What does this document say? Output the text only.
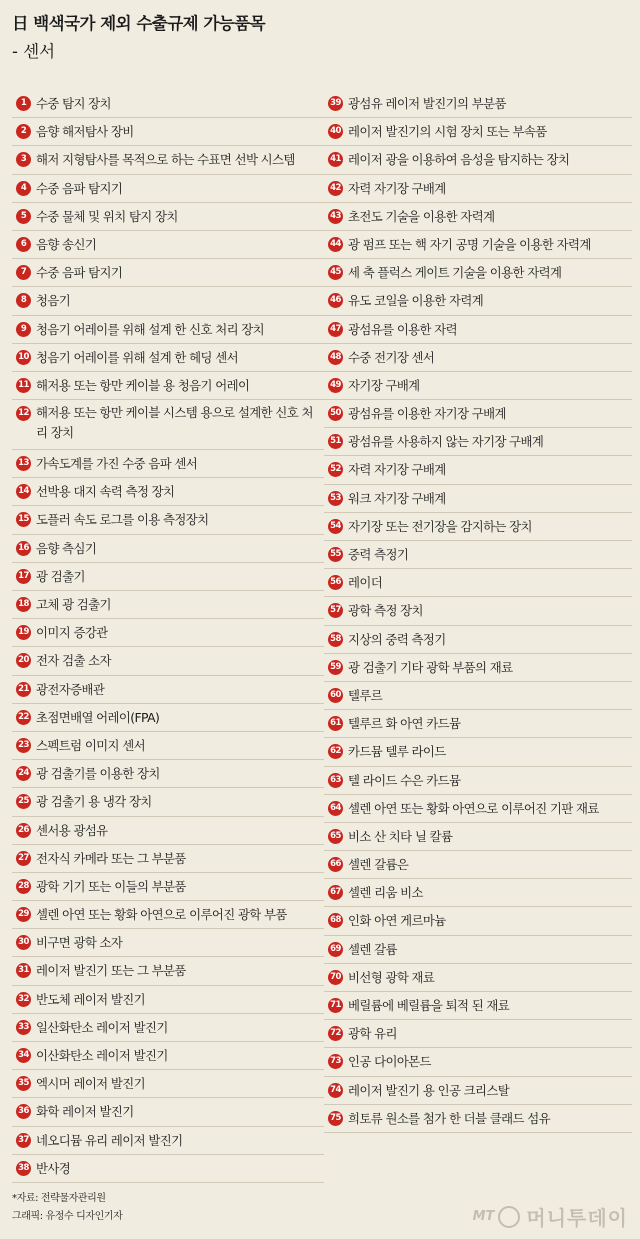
日 백색국가 제외 수출규제 가능품목
- 센서
1 수중 탐지 장치
2 음향 해저탐사 장비
3 해저 지형탐사를 목적으로 하는 수표면 선박 시스템
4 수중 음파 탐지기
5 수중 물체 및 위치 탐지 장치
6 음향 송신기
7 수중 음파 탐지기
8 청음기
9 청음기 어레이를 위해 설계 한 신호 처리 장치
10 청음기 어레이를 위해 설계 한 헤딩 센서
11 해저용 또는 항만 케이블 용 청음기 어레이
12 해저용 또는 항만 케이블 시스템 용으로 설계한 신호 처리 장치
13 가속도계를 가진 수중 음파 센서
14 선박용 대지 속력 측정 장치
15 도플러 속도 로그를 이용 측정장치
16 음향 측심기
17 광 검출기
18 고체 광 검출기
19 이미지 증강관
20 전자 검출 소자
21 광전자증배관
22 초점면배열 어레이(FPA)
23 스펙트럼 이미지 센서
24 광 검출기를 이용한 장치
25 광 검출기 용 냉각 장치
26 센서용 광섬유
27 전자식 카메라 또는 그 부분품
28 광학 기기 또는 이들의 부분품
29 셀렌 아연 또는 황화 아연으로 이루어진 광학 부품
30 비구면 광학 소자
31 레이저 발진기 또는 그 부분품
32 반도체 레이저 발진기
33 일산화탄소 레이저 발진기
34 이산화탄소 레이저 발진기
35 엑시머 레이저 발진기
36 화학 레이저 발진기
37 네오디뮴 유리 레이저 발진기
38 반사경
39 광섬유 레이저 발진기의 부분품
40 레이저 발진기의 시험 장치 또는 부속품
41 레이저 광을 이용하여 음성을 탐지하는 장치
42 자력 자기장 구배계
43 초전도 기술을 이용한 자력계
44 광 펌프 또는 핵 자기 공명 기술을 이용한 자력계
45 세 축 플럭스 게이트 기술을 이용한 자력계
46 유도 코일을 이용한 자력계
47 광섬유를 이용한 자력
48 수중 전기장 센서
49 자기장 구배계
50 광섬유를 이용한 자기장 구배계
51 광섬유를 사용하지 않는 자기장 구배계
52 자력 자기장 구배계
53 워크 자기장 구배계
54 자기장 또는 전기장을 감지하는 장치
55 중력 측정기
56 레이더
57 광학 측정 장치
58 지상의 중력 측정기
59 광 검출기 기타 광학 부품의 재료
60 텔루르
61 텔루르 화 아연 카드뮴
62 카드뮴 텔루 라이드
63 텔 라이드 수은 카드뮴
64 셀렌 아연 또는 황화 아연으로 이루어진 기판 재료
65 비소 산 치타 닐 칼륨
66 셀렌 갈륨은
67 셀렌 리움 비소
68 인화 아연 게르마늄
69 셀렌 갈륨
70 비선형 광학 재료
71 베릴륨에 베릴륨을 퇴적 된 재료
72 광학 유리
73 인공 다이아몬드
74 레이저 발진기 용 인공 크리스탈
75 희토류 원소를 첨가 한 더블 클래드 섬유
*자료: 전략물자관리원
그래픽: 유정수 디자인기자	MT 머니투데이
